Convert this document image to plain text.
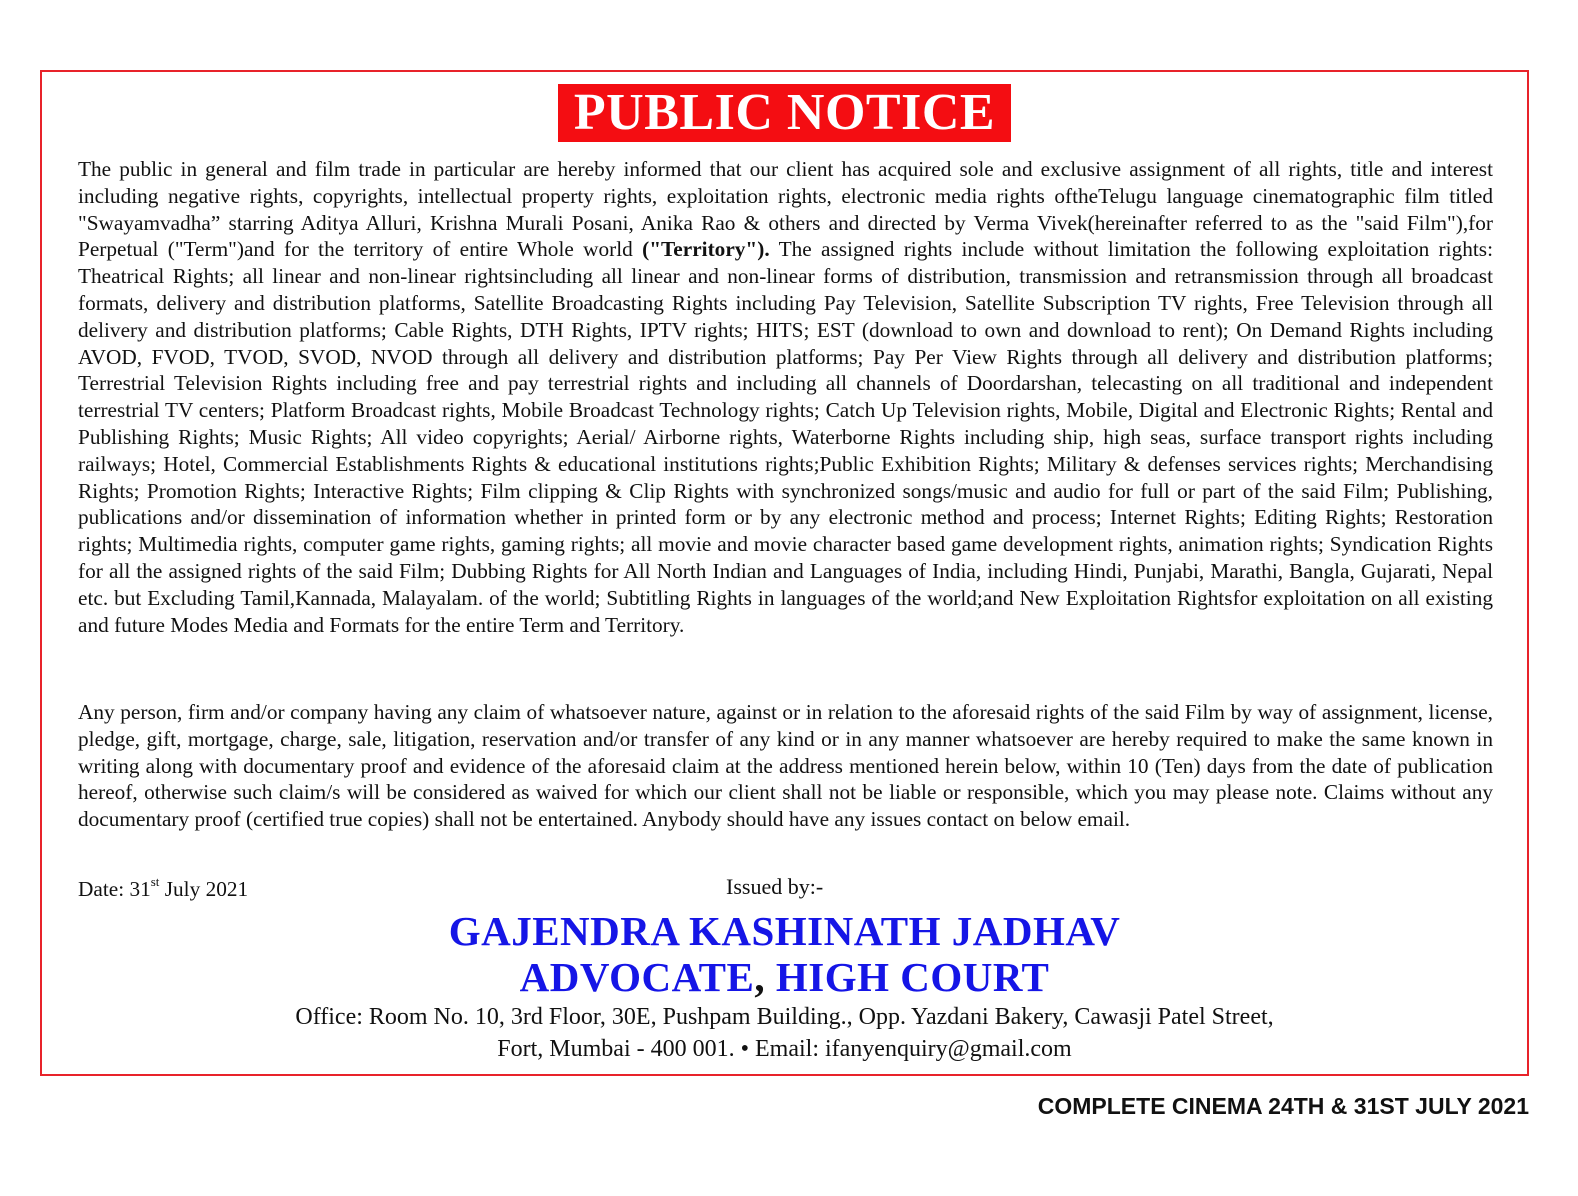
PUBLIC NOTICE

The public in general and film trade in particular are hereby informed that our client has acquired sole and exclusive assignment of all rights, title and interest including negative rights, copyrights, intellectual property rights, exploitation rights, electronic media rights oftheTelugu language cinematographic film titled "Swayamvadha” starring Aditya Alluri, Krishna Murali Posani, Anika Rao & others and directed by Verma Vivek(hereinafter referred to as the "said Film"),for Perpetual ("Term")and for the territory of entire Whole world ("Territory"). The assigned rights include without limitation the following exploitation rights: Theatrical Rights; all linear and non-linear rightsincluding all linear and non-linear forms of distribution, transmission and retransmission through all broadcast formats, delivery and distribution platforms, Satellite Broadcasting Rights including Pay Television, Satellite Subscription TV rights, Free Television through all delivery and distribution platforms; Cable Rights, DTH Rights, IPTV rights; HITS; EST (download to own and download to rent); On Demand Rights including AVOD, FVOD, TVOD, SVOD, NVOD through all delivery and distribution platforms; Pay Per View Rights through all delivery and distribution platforms; Terrestrial Television Rights including free and pay terrestrial rights and including all channels of Doordarshan, telecasting on all traditional and independent terrestrial TV centers; Platform Broadcast rights, Mobile Broadcast Technology rights; Catch Up Television rights, Mobile, Digital and Electronic Rights; Rental and Publishing Rights; Music Rights; All video copyrights; Aerial/ Airborne rights, Waterborne Rights including ship, high seas, surface transport rights including railways; Hotel, Commercial Establishments Rights & educational institutions rights;Public Exhibition Rights; Military & defenses services rights; Merchandising Rights; Promotion Rights; Interactive Rights; Film clipping & Clip Rights with synchronized songs/music and audio for full or part of the said Film; Publishing, publications and/or dissemination of information whether in printed form or by any electronic method and process; Internet Rights; Editing Rights; Restoration rights; Multimedia rights, computer game rights, gaming rights; all movie and movie character based game development rights, animation rights; Syndication Rights for all the assigned rights of the said Film; Dubbing Rights for All North Indian and Languages of India, including Hindi, Punjabi, Marathi, Bangla, Gujarati, Nepal etc. but Excluding Tamil,Kannada, Malayalam. of the world; Subtitling Rights in languages of the world;and New Exploitation Rightsfor exploitation on all existing and future Modes Media and Formats for the entire Term and Territory.

Any person, firm and/or company having any claim of whatsoever nature, against or in relation to the aforesaid rights of the said Film by way of assignment, license, pledge, gift, mortgage, charge, sale, litigation, reservation and/or transfer of any kind or in any manner whatsoever are hereby required to make the same known in writing along with documentary proof and evidence of the aforesaid claim at the address mentioned herein below, within 10 (Ten) days from the date of publication hereof, otherwise such claim/s will be considered as waived for which our client shall not be liable or responsible, which you may please note. Claims without any documentary proof (certified true copies) shall not be entertained. Anybody should have any issues contact on below email.

Date: 31st July 2021	Issued by:-
GAJENDRA KASHINATH JADHAV
ADVOCATE, HIGH COURT
Office: Room No. 10, 3rd Floor, 30E, Pushpam Building., Opp. Yazdani Bakery, Cawasji Patel Street,
Fort, Mumbai - 400 001. • Email: ifanyenquiry@gmail.com
COMPLETE CINEMA 24TH & 31ST JULY 2021
